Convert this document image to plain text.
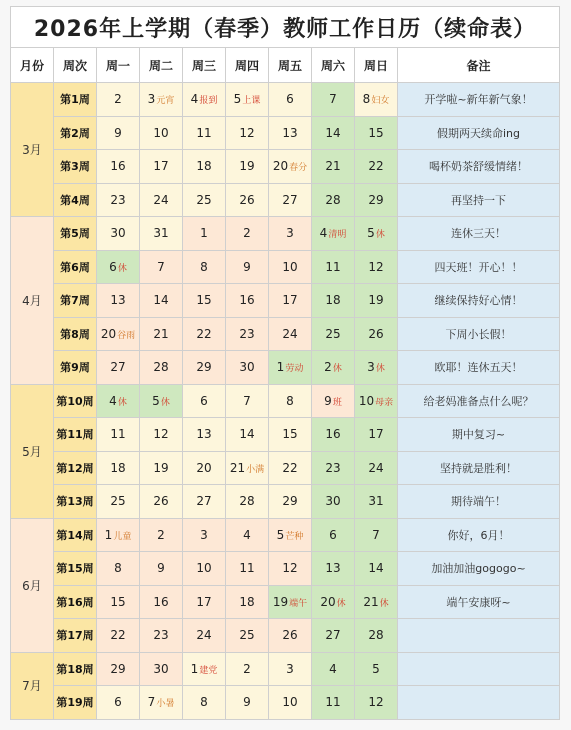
2026年上学期（春季）教师工作日历（续命表）
月份	周次	周一	周二	周三	周四	周五	周六	周日	备注
3月	第1周	2	3元宵	4报到	5上课	6	7	8妇女	开学啦~新年新气象！
	第2周	9	10	11	12	13	14	15	假期两天续命ing
	第3周	16	17	18	19	20春分	21	22	喝杯奶茶舒缓情绪！
	第4周	23	24	25	26	27	28	29	再坚持一下
4月	第5周	30	31	1	2	3	4清明	5休	连休三天！
	第6周	6休	7	8	9	10	11	12	四天班！开心！！
	第7周	13	14	15	16	17	18	19	继续保持好心情！
	第8周	20谷雨	21	22	23	24	25	26	下周小长假！
	第9周	27	28	29	30	1劳动	2休	3休	欧耶！连休五天！
5月	第10周	4休	5休	6	7	8	9班	10母亲	给老妈准备点什么呢？
	第11周	11	12	13	14	15	16	17	期中复习~
	第12周	18	19	20	21小满	22	23	24	坚持就是胜利！
	第13周	25	26	27	28	29	30	31	期待端午！
6月	第14周	1儿童	2	3	4	5芒种	6	7	你好，6月！
	第15周	8	9	10	11	12	13	14	加油加油gogogo~
	第16周	15	16	17	18	19端午	20休	21休	端午安康呀~
	第17周	22	23	24	25	26	27	28	
7月	第18周	29	30	1建党	2	3	4	5	
	第19周	6	7小暑	8	9	10	11	12	
